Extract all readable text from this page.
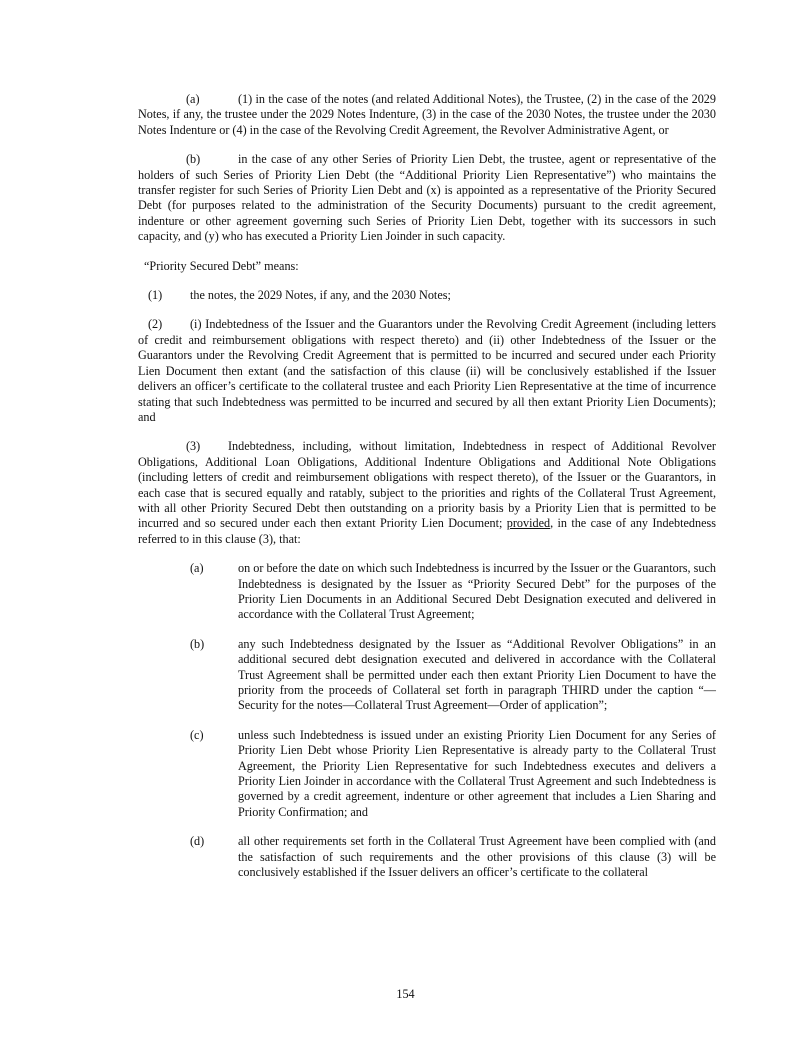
(a)	(1) in the case of the notes (and related Additional Notes), the Trustee, (2) in the case of the 2029 Notes, if any, the trustee under the 2029 Notes Indenture, (3) in the case of the 2030 Notes, the trustee under the 2030 Notes Indenture or (4) in the case of the Revolving Credit Agreement, the Revolver Administrative Agent, or

(b)	in the case of any other Series of Priority Lien Debt, the trustee, agent or representative of the holders of such Series of Priority Lien Debt (the “Additional Priority Lien Representative”) who maintains the transfer register for such Series of Priority Lien Debt and (x) is appointed as a representative of the Priority Secured Debt (for purposes related to the administration of the Security Documents) pursuant to the credit agreement, indenture or other agreement governing such Series of Priority Lien Debt, together with its successors in such capacity, and (y) who has executed a Priority Lien Joinder in such capacity.

“Priority Secured Debt” means:

(1)	the notes, the 2029 Notes, if any, and the 2030 Notes;

(2) (i) Indebtedness of the Issuer and the Guarantors under the Revolving Credit Agreement (including letters of credit and reimbursement obligations with respect thereto) and (ii) other Indebtedness of the Issuer or the Guarantors under the Revolving Credit Agreement that is permitted to be incurred and secured under each Priority Lien Document then extant (and the satisfaction of this clause (ii) will be conclusively established if the Issuer delivers an officer’s certificate to the collateral trustee and each Priority Lien Representative at the time of incurrence stating that such Indebtedness was permitted to be incurred and secured by all then extant Priority Lien Documents); and

(3) Indebtedness, including, without limitation, Indebtedness in respect of Additional Revolver Obligations, Additional Loan Obligations, Additional Indenture Obligations and Additional Note Obligations (including letters of credit and reimbursement obligations with respect thereto), of the Issuer or the Guarantors, in each case that is secured equally and ratably, subject to the priorities and rights of the Collateral Trust Agreement, with all other Priority Secured Debt then outstanding on a priority basis by a Priority Lien that is permitted to be incurred and so secured under each then extant Priority Lien Document; provided, in the case of any Indebtedness referred to in this clause (3), that:

(a)	on or before the date on which such Indebtedness is incurred by the Issuer or the Guarantors, such Indebtedness is designated by the Issuer as “Priority Secured Debt” for the purposes of the Priority Lien Documents in an Additional Secured Debt Designation executed and delivered in accordance with the Collateral Trust Agreement;
(b)	any such Indebtedness designated by the Issuer as “Additional Revolver Obligations” in an additional secured debt designation executed and delivered in accordance with the Collateral Trust Agreement shall be permitted under each then extant Priority Lien Document to have the priority from the proceeds of Collateral set forth in paragraph THIRD under the caption “—Security for the notes—Collateral Trust Agreement—Order of application”;
(c)	unless such Indebtedness is issued under an existing Priority Lien Document for any Series of Priority Lien Debt whose Priority Lien Representative is already party to the Collateral Trust Agreement, the Priority Lien Representative for such Indebtedness executes and delivers a Priority Lien Joinder in accordance with the Collateral Trust Agreement and such Indebtedness is governed by a credit agreement, indenture or other agreement that includes a Lien Sharing and Priority Confirmation; and
(d)	all other requirements set forth in the Collateral Trust Agreement have been complied with (and the satisfaction of such requirements and the other provisions of this clause (3) will be conclusively established if the Issuer delivers an officer’s certificate to the collateral
154
